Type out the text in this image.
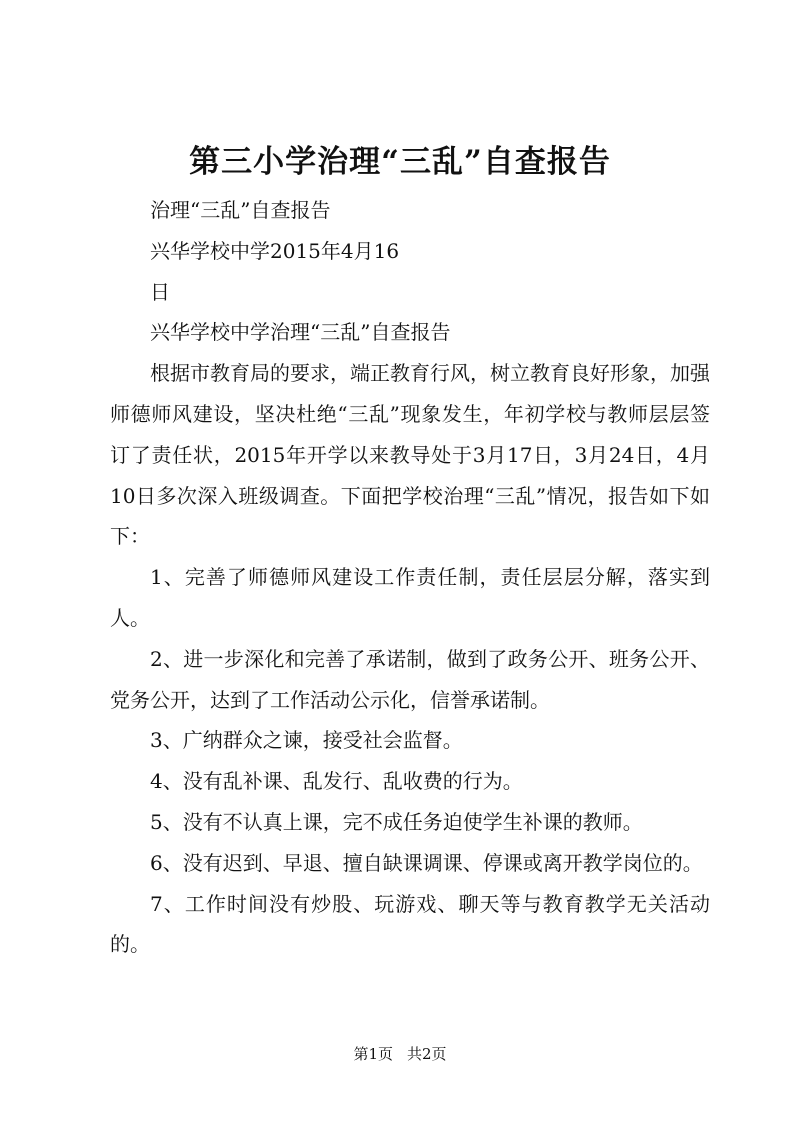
第三小学治理“三乱”自查报告

治理“三乱”自查报告

兴华学校中学2015年4月16

日

兴华学校中学治理“三乱”自查报告

根据市教育局的要求，端正教育行风，树立教育良好形象，加强师德师风建设，坚决杜绝“三乱”现象发生，年初学校与教师层层签订了责任状，2015年开学以来教导处于3月17日，3月24日，4月10日多次深入班级调查。下面把学校治理“三乱”情况，报告如下如下：

1、完善了师德师风建设工作责任制，责任层层分解，落实到人。

2、进一步深化和完善了承诺制，做到了政务公开、班务公开、党务公开，达到了工作活动公示化，信誉承诺制。

3、广纳群众之谏，接受社会监督。

4、没有乱补课、乱发行、乱收费的行为。

5、没有不认真上课，完不成任务迫使学生补课的教师。

6、没有迟到、早退、擅自缺课调课、停课或离开教学岗位的。

7、工作时间没有炒股、玩游戏、聊天等与教育教学无关活动的。

第1页 共2页
